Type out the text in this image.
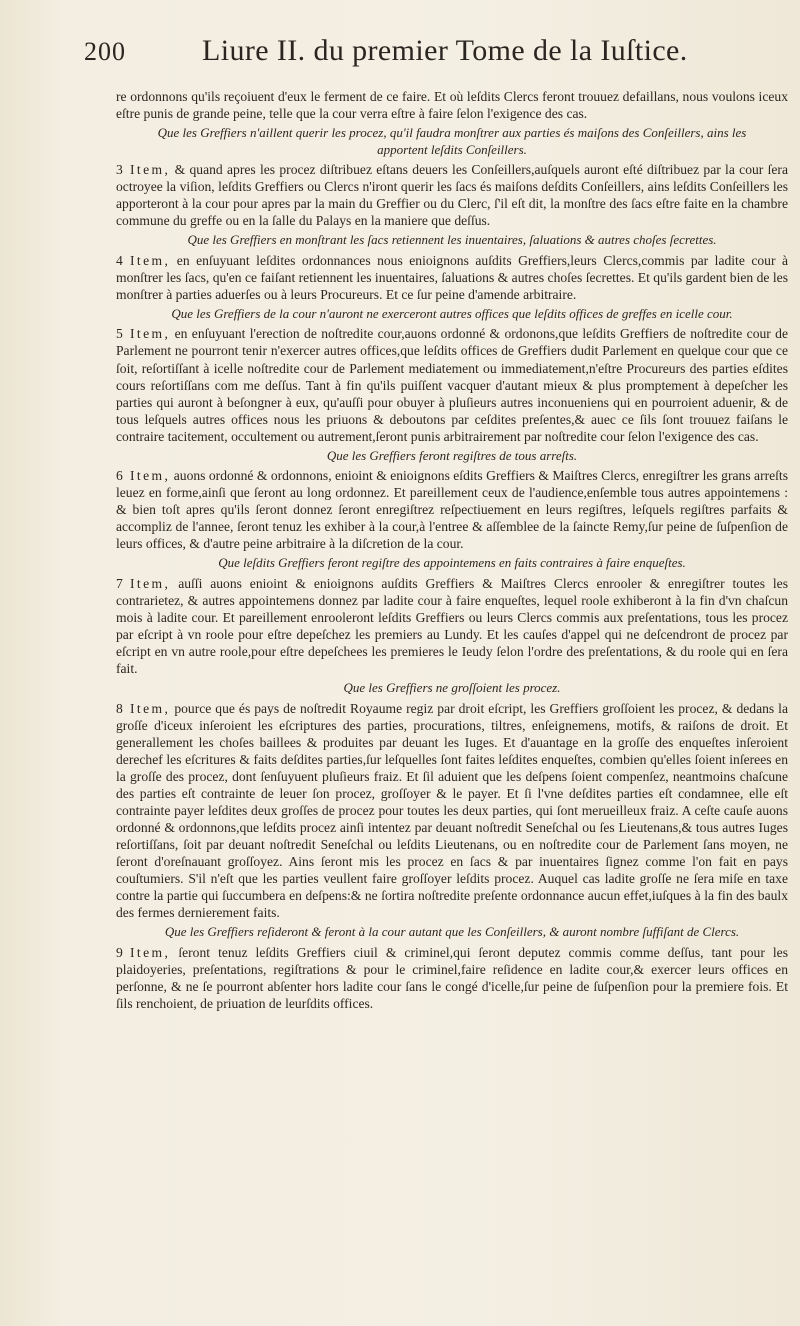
200	Liure II. du premier Tome de la Iuſtice.

re ordonnons qu'ils reçoiuent d'eux le ferment de ce faire. Et où leſdits Clercs feront trouuez defaillans, nous voulons iceux eſtre punis de grande peine, telle que la cour verra eſtre à faire ſelon l'exigence des cas.

Que les Greffiers n'aillent querir les procez, qu'il faudra monſtrer aux parties és maiſons des Conſeillers, ains les apportent leſdits Conſeillers.

3 Item, & quand apres les procez diſtribuez eſtans deuers les Conſeillers,auſquels auront eſté diſtribuez par la cour ſera octroyee la viſion, leſdits Greffiers ou Clercs n'iront querir les ſacs és maiſons deſdits Conſeillers, ains leſdits Conſeillers les apporteront à la cour pour apres par la main du Greffier ou du Clerc, ſ'il eſt dit, la monſtre des ſacs eſtre faite en la chambre commune du greffe ou en la ſalle du Palays en la maniere que deſſus.

Que les Greffiers en monſtrant les ſacs retiennent les inuentaires, ſaluations & autres choſes ſecrettes.

4 Item, en enſuyuant leſdites ordonnances nous enioignons auſdits Greffiers,leurs Clercs,commis par ladite cour à monſtrer les ſacs, qu'en ce faiſant retiennent les inuentaires, ſaluations & autres choſes ſecrettes. Et qu'ils gardent bien de les monſtrer à parties aduerſes ou à leurs Procureurs. Et ce ſur peine d'amende arbitraire.

Que les Greffiers de la cour n'auront ne exerceront autres offices que leſdits offices de greffes en icelle cour.

5 Item, en enſuyuant l'erection de noſtredite cour,auons ordonné & ordonons,que leſdits Greffiers de noſtredite cour de Parlement ne pourront tenir n'exercer autres offices,que leſdits offices de Greffiers dudit Parlement en quelque cour que ce ſoit, reſortiſſant à icelle noſtredite cour de Parlement mediatement ou immediatement,n'eſtre Procureurs des parties eſdites cours reſortiſſans com me deſſus. Tant à fin qu'ils puiſſent vacquer d'autant mieux & plus promptement à depeſcher les parties qui auront à beſongner à eux, qu'auſſi pour obuyer à pluſieurs autres inconueniens qui en pourroient aduenir, & de tous leſquels autres offices nous les priuons & deboutons par ceſdites preſentes,& auec ce ſils ſont trouuez faiſans le contraire tacitement, occultement ou autrement,ſeront punis arbitrairement par noſtredite cour ſelon l'exigence des cas.

Que les Greffiers feront regiſtres de tous arreſts.

6 Item, auons ordonné & ordonnons, enioint & enioignons eſdits Greffiers & Maiſtres Clercs, enregiſtrer les grans arreſts leuez en forme,ainſi que ſeront au long ordonnez. Et pareillement ceux de l'audience,enſemble tous autres appointemens : & bien toſt apres qu'ils ſeront donnez ſeront enregiſtrez reſpectiuement en leurs regiſtres, leſquels regiſtres parfaits & accompliz de l'annee, ſeront tenuz les exhiber à la cour,à l'entree & aſſemblee de la ſaincte Remy,ſur peine de ſuſpenſion de leurs offices, & d'autre peine arbitraire à la diſcretion de la cour.

Que leſdits Greffiers feront regiſtre des appointemens en faits contraires à faire enqueſtes.

7 Item, auſſi auons enioint & enioignons auſdits Greffiers & Maiſtres Clercs enrooler & enregiſtrer toutes les contrarietez, & autres appointemens donnez par ladite cour à faire enqueſtes, lequel roole exhiberont à la fin d'vn chaſcun mois à ladite cour. Et pareillement enrooleront leſdits Greffiers ou leurs Clercs commis aux preſentations, tous les procez par eſcript à vn roole pour eſtre depeſchez les premiers au Lundy. Et les cauſes d'appel qui ne deſcendront de procez par eſcript en vn autre roole,pour eſtre depeſchees les premieres le Ieudy ſelon l'ordre des preſentations, & du roole qui en ſera fait.

Que les Greffiers ne groſſoient les procez.

8 Item, pource que és pays de noſtredit Royaume regiz par droit eſcript, les Greffiers groſſoient les procez, & dedans la groſſe d'iceux inſeroient les eſcriptures des parties, procurations, tiltres, enſeignemens, motifs, & raiſons de droit. Et generallement les choſes baillees & produites par deuant les Iuges. Et d'auantage en la groſſe des enqueſtes inſeroient derechef les eſcritures & faits deſdites parties,ſur leſquelles ſont faites leſdites enqueſtes, combien qu'elles ſoient inſerees en la groſſe des procez, dont ſenſuyuent pluſieurs fraiz. Et ſil aduient que les deſpens ſoient compenſez, neantmoins chaſcune des parties eſt contrainte de leuer ſon procez, groſſoyer & le payer. Et ſi l'vne deſdites parties eſt condamnee, elle eſt contrainte payer leſdites deux groſſes de procez pour toutes les deux parties, qui ſont merueilleux fraiz. A ceſte cauſe auons ordonné & ordonnons,que leſdits procez ainſi intentez par deuant noſtredit Seneſchal ou ſes Lieutenans,& tous autres Iuges reſortiſſans, ſoit par deuant noſtredit Seneſchal ou leſdits Lieutenans, ou en noſtredite cour de Parlement ſans moyen, ne ſeront d'oreſnauant groſſoyez. Ains ſeront mis les procez en ſacs & par inuentaires ſignez comme l'on fait en pays couſtumiers. S'il n'eſt que les parties veullent faire groſſoyer leſdits procez. Auquel cas ladite groſſe ne ſera miſe en taxe contre la partie qui ſuccumbera en deſpens:& ne ſortira noſtredite preſente ordonnance aucun effet,iuſques à la fin des baulx des fermes dernierement faits.

Que les Greffiers reſideront & feront à la cour autant que les Conſeillers, & auront nombre ſuffiſant de Clercs.

9 Item, ſeront tenuz leſdits Greffiers ciuil & criminel,qui ſeront deputez commis comme deſſus, tant pour les plaidoyeries, preſentations, regiſtrations & pour le criminel,faire reſidence en ladite cour,& exercer leurs offices en perſonne, & ne ſe pourront abſenter hors ladite cour ſans le congé d'icelle,ſur peine de ſuſpenſion pour la premiere fois. Et ſils renchoient, de priuation de leurſdits offices.
